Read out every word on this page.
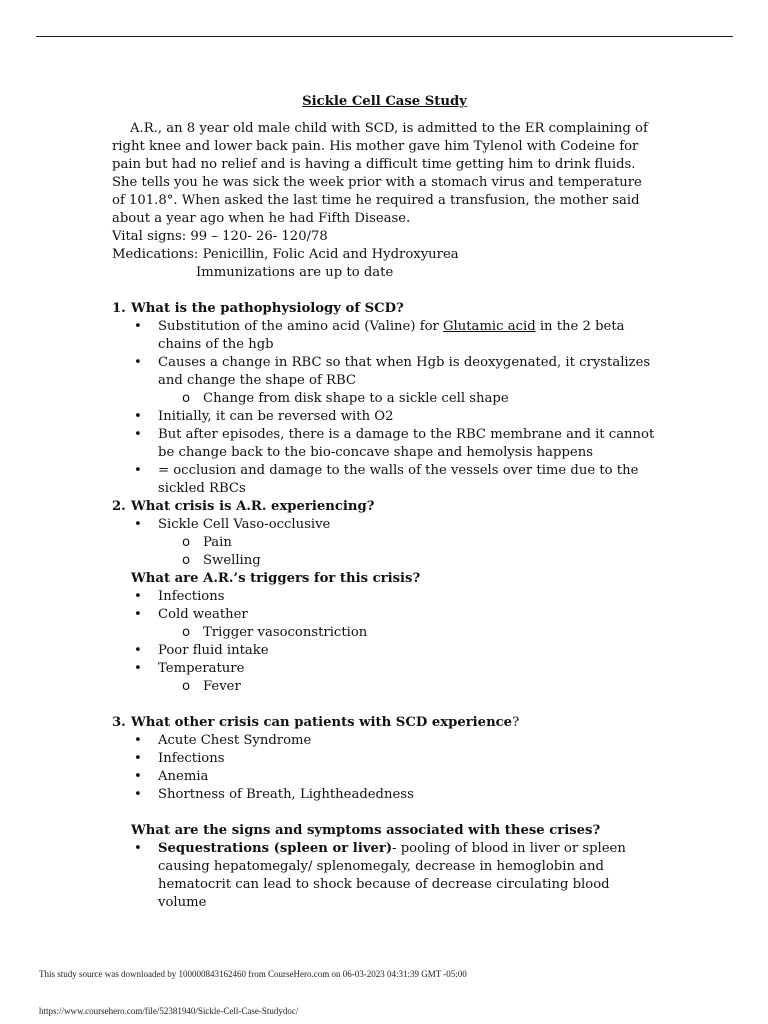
Sickle Cell Case Study
A.R., an 8 year old male child with SCD, is admitted to the ER complaining of right knee and lower back pain. His mother gave him Tylenol with Codeine for pain but had no relief and is having a difficult time getting him to drink fluids. She tells you he was sick the week prior with a stomach virus and temperature of 101.8°. When asked the last time he required a transfusion, the mother said about a year ago when he had Fifth Disease.
Vital signs: 99 – 120- 26- 120/78
Medications: Penicillin, Folic Acid and Hydroxyurea
Immunizations are up to date
1. What is the pathophysiology of SCD?
• Substitution of the amino acid (Valine) for Glutamic acid in the 2 beta chains of the hgb
• Causes a change in RBC so that when Hgb is deoxygenated, it crystalizes and change the shape of RBC
o Change from disk shape to a sickle cell shape
• Initially, it can be reversed with O2
• But after episodes, there is a damage to the RBC membrane and it cannot be change back to the bio-concave shape and hemolysis happens
• = occlusion and damage to the walls of the vessels over time due to the sickled RBCs
2. What crisis is A.R. experiencing?
• Sickle Cell Vaso-occlusive
o Pain
o Swelling
What are A.R.’s triggers for this crisis?
• Infections
• Cold weather
o Trigger vasoconstriction
• Poor fluid intake
• Temperature
o Fever
3. What other crisis can patients with SCD experience?
• Acute Chest Syndrome
• Infections
• Anemia
• Shortness of Breath, Lightheadedness
What are the signs and symptoms associated with these crises?
• Sequestrations (spleen or liver)- pooling of blood in liver or spleen causing hepatomegaly/ splenomegaly, decrease in hemoglobin and hematocrit can lead to shock because of decrease circulating blood volume
This study source was downloaded by 100000843162460 from CourseHero.com on 06-03-2023 04:31:39 GMT -05:00
https://www.coursehero.com/file/52381940/Sickle-Cell-Case-Studydoc/
